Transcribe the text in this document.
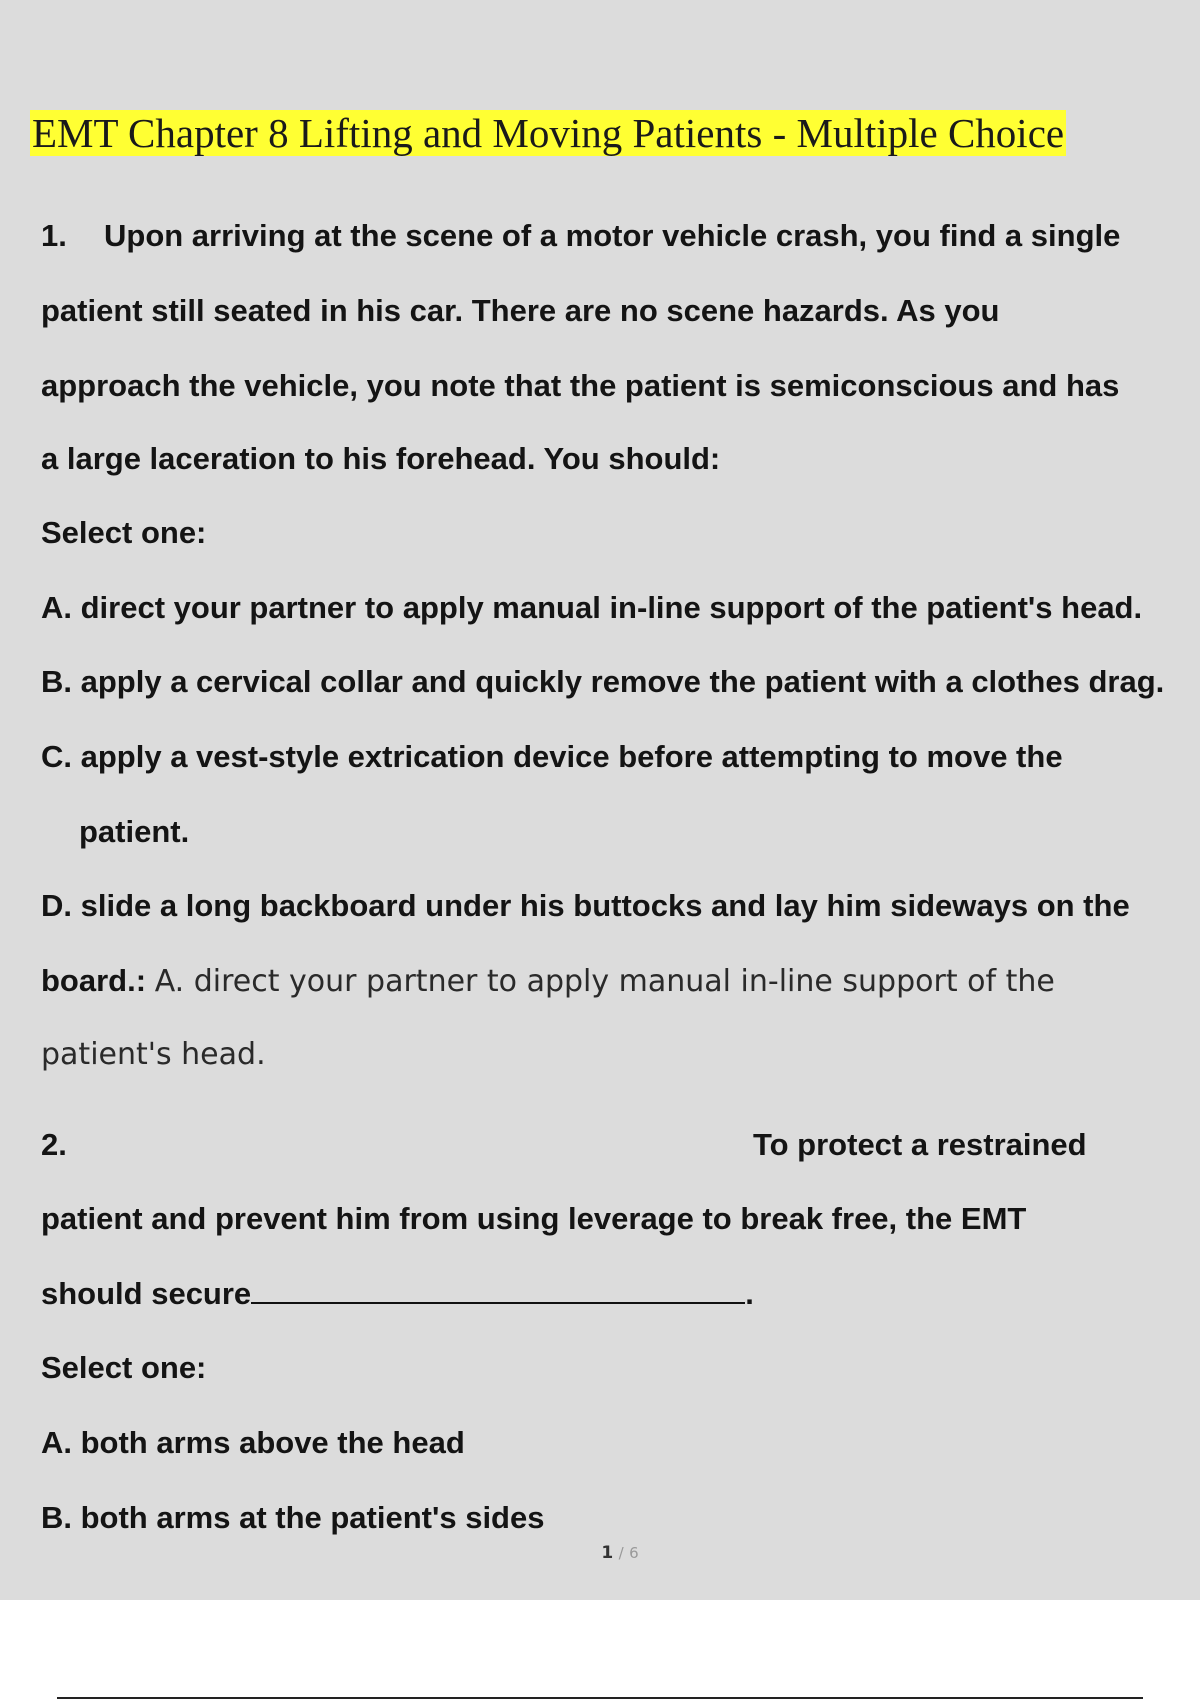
EMT Chapter 8 Lifting and Moving Patients - Multiple Choice
1. Upon arriving at the scene of a motor vehicle crash, you find a single
patient still seated in his car. There are no scene hazards. As you
approach the vehicle, you note that the patient is semiconscious and has
a large laceration to his forehead. You should:
Select one:
A. direct your partner to apply manual in-line support of the patient's head.
B. apply a cervical collar and quickly remove the patient with a clothes drag.
C. apply a vest-style extrication device before attempting to move the
patient.
D. slide a long backboard under his buttocks and lay him sideways on the
board.: A. direct your partner to apply manual in-line support of the
patient's head.
2.	To protect a restrained
patient and prevent him from using leverage to break free, the EMT
should secure	.
Select one:
A. both arms above the head
B. both arms at the patient's sides
1 / 6
